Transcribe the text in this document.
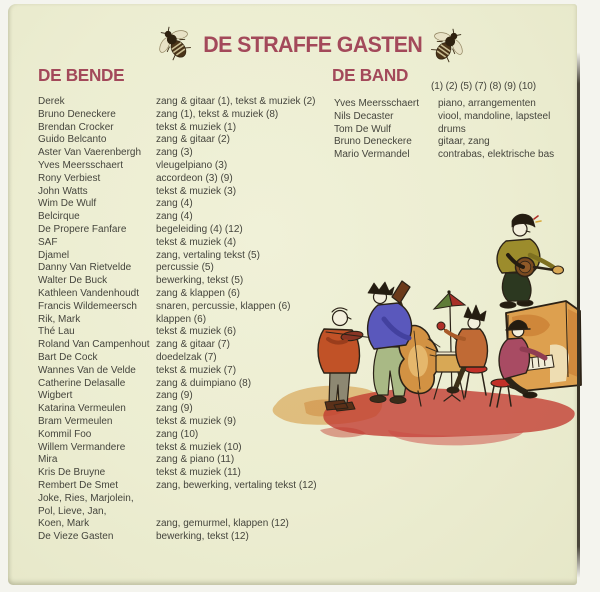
DE STRAFFE GASTEN
DE BENDE	DE BAND
(1) (2) (5) (7) (8) (9) (10)
Derek	zang & gitaar (1), tekst & muziek (2)
Bruno Deneckere	zang (1), tekst & muziek (8)
Brendan Crocker	tekst & muziek (1)
Guido Belcanto	zang & gitaar (2)
Aster Van Vaerenbergh	zang (3)
Yves Meersschaert	vleugelpiano (3)
Rony Verbiest	accordeon (3) (9)
John Watts	tekst & muziek (3)
Wim De Wulf	zang (4)
Belcirque	zang (4)
De Propere Fanfare	begeleiding (4) (12)
SAF	tekst & muziek (4)
Djamel	zang, vertaling tekst (5)
Danny Van Rietvelde	percussie (5)
Walter De Buck	bewerking, tekst (5)
Kathleen Vandenhoudt	zang & klappen (6)
Francis Wildemeersch	snaren, percussie, klappen (6)
Rik, Mark	klappen (6)
Thé Lau	tekst & muziek (6)
Roland Van Campenhout zang & gitaar (7)
Bart De Cock	doedelzak (7)
Wannes Van de Velde	tekst & muziek (7)
Catherine Delasalle	zang & duimpiano (8)
Wigbert	zang (9)
Katarina Vermeulen	zang (9)
Bram Vermeulen	tekst & muziek (9)
Kommil Foo	zang (10)
Willem Vermandere	tekst & muziek (10)
Mira	zang & piano (11)
Kris De Bruyne	tekst & muziek (11)
Rembert De Smet	zang, bewerking, vertaling tekst (12)
Joke, Ries, Marjolein,
Pol, Lieve, Jan,
Koen, Mark	zang, gemurmel, klappen (12)
De Vieze Gasten	bewerking, tekst (12)
Yves Meersschaert	piano, arrangementen
Nils Decaster	viool, mandoline, lapsteel
Tom De Wulf	drums
Bruno Deneckere	gitaar, zang
Mario Vermandel	contrabas, elektrische bas
